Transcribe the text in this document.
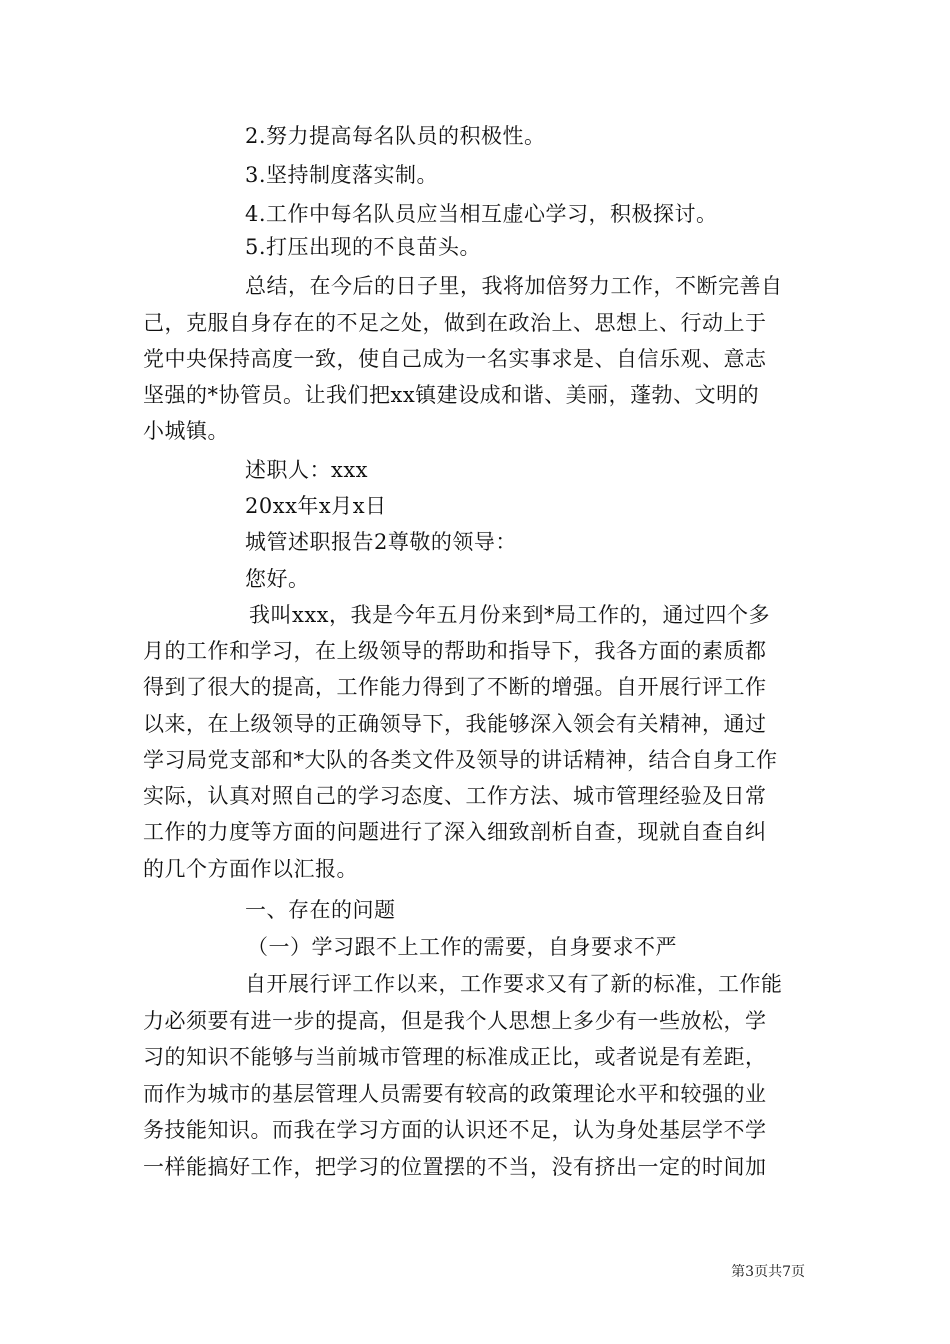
2.努力提高每名队员的积极性。
3.坚持制度落实制。
4.工作中每名队员应当相互虚心学习，积极探讨。
5.打压出现的不良苗头。
总结，在今后的日子里，我将加倍努力工作，不断完善自
己，克服自身存在的不足之处，做到在政治上、思想上、行动上于
党中央保持高度一致，使自己成为一名实事求是、自信乐观、意志
坚强的*协管员。让我们把xx镇建设成和谐、美丽，蓬勃、文明的
小城镇。
述职人：xxx
20xx年x月x日
城管述职报告2尊敬的领导：
您好。
我叫xxx，我是今年五月份来到*局工作的，通过四个多
月的工作和学习，在上级领导的帮助和指导下，我各方面的素质都
得到了很大的提高，工作能力得到了不断的增强。自开展行评工作
以来，在上级领导的正确领导下，我能够深入领会有关精神，通过
学习局党支部和*大队的各类文件及领导的讲话精神，结合自身工作
实际，认真对照自己的学习态度、工作方法、城市管理经验及日常
工作的力度等方面的问题进行了深入细致剖析自查，现就自查自纠
的几个方面作以汇报。
一、存在的问题
（一）学习跟不上工作的需要，自身要求不严
自开展行评工作以来，工作要求又有了新的标准，工作能
力必须要有进一步的提高，但是我个人思想上多少有一些放松，学
习的知识不能够与当前城市管理的标准成正比，或者说是有差距，
而作为城市的基层管理人员需要有较高的政策理论水平和较强的业
务技能知识。而我在学习方面的认识还不足，认为身处基层学不学
一样能搞好工作，把学习的位置摆的不当，没有挤出一定的时间加
第3页共7页
